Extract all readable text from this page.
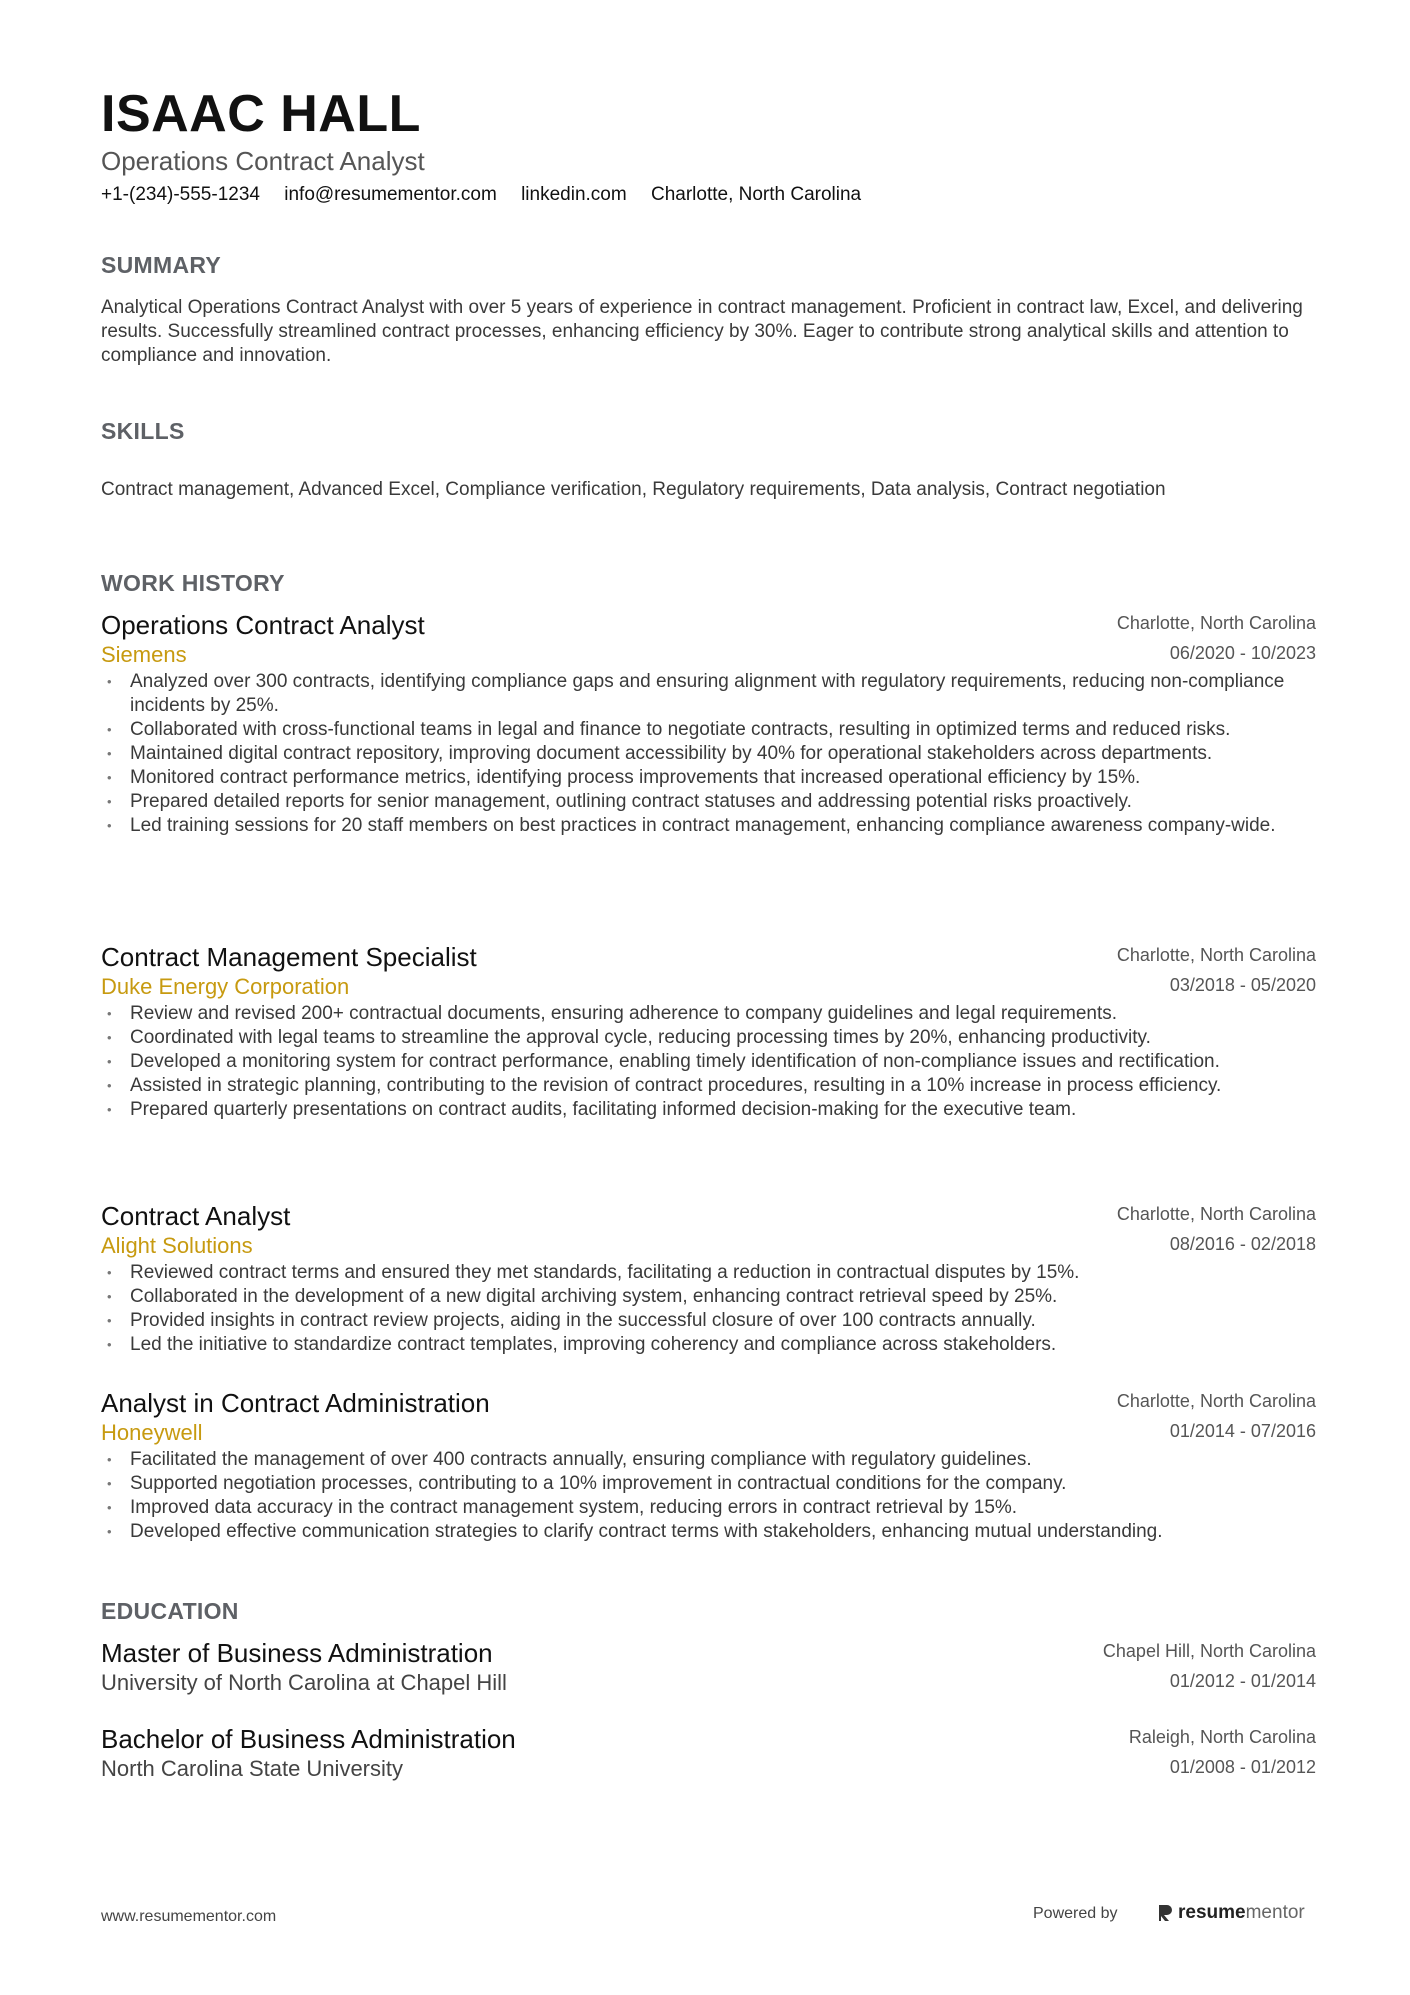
ISAAC HALL
Operations Contract Analyst
+1-(234)-555-1234 info@resumementor.com linkedin.com Charlotte, North Carolina
SUMMARY
Analytical Operations Contract Analyst with over 5 years of experience in contract management. Proficient in contract law, Excel, and delivering results. Successfully streamlined contract processes, enhancing efficiency by 30%. Eager to contribute strong analytical skills and attention to compliance and innovation.
SKILLS
Contract management, Advanced Excel, Compliance verification, Regulatory requirements, Data analysis, Contract negotiation
WORK HISTORY
Operations Contract Analyst
Siemens
Charlotte, North Carolina
06/2020 - 10/2023
• Analyzed over 300 contracts, identifying compliance gaps and ensuring alignment with regulatory requirements, reducing non-compliance incidents by 25%.
• Collaborated with cross-functional teams in legal and finance to negotiate contracts, resulting in optimized terms and reduced risks.
• Maintained digital contract repository, improving document accessibility by 40% for operational stakeholders across departments.
• Monitored contract performance metrics, identifying process improvements that increased operational efficiency by 15%.
• Prepared detailed reports for senior management, outlining contract statuses and addressing potential risks proactively.
• Led training sessions for 20 staff members on best practices in contract management, enhancing compliance awareness company-wide.
Contract Management Specialist
Duke Energy Corporation
Charlotte, North Carolina
03/2018 - 05/2020
• Review and revised 200+ contractual documents, ensuring adherence to company guidelines and legal requirements.
• Coordinated with legal teams to streamline the approval cycle, reducing processing times by 20%, enhancing productivity.
• Developed a monitoring system for contract performance, enabling timely identification of non-compliance issues and rectification.
• Assisted in strategic planning, contributing to the revision of contract procedures, resulting in a 10% increase in process efficiency.
• Prepared quarterly presentations on contract audits, facilitating informed decision-making for the executive team.
Contract Analyst
Alight Solutions
Charlotte, North Carolina
08/2016 - 02/2018
• Reviewed contract terms and ensured they met standards, facilitating a reduction in contractual disputes by 15%.
• Collaborated in the development of a new digital archiving system, enhancing contract retrieval speed by 25%.
• Provided insights in contract review projects, aiding in the successful closure of over 100 contracts annually.
• Led the initiative to standardize contract templates, improving coherency and compliance across stakeholders.
Analyst in Contract Administration
Honeywell
Charlotte, North Carolina
01/2014 - 07/2016
• Facilitated the management of over 400 contracts annually, ensuring compliance with regulatory guidelines.
• Supported negotiation processes, contributing to a 10% improvement in contractual conditions for the company.
• Improved data accuracy in the contract management system, reducing errors in contract retrieval by 15%.
• Developed effective communication strategies to clarify contract terms with stakeholders, enhancing mutual understanding.
EDUCATION
Master of Business Administration
University of North Carolina at Chapel Hill
Chapel Hill, North Carolina
01/2012 - 01/2014
Bachelor of Business Administration
North Carolina State University
Raleigh, North Carolina
01/2008 - 01/2012
www.resumementor.com	Powered by	resume mentor
